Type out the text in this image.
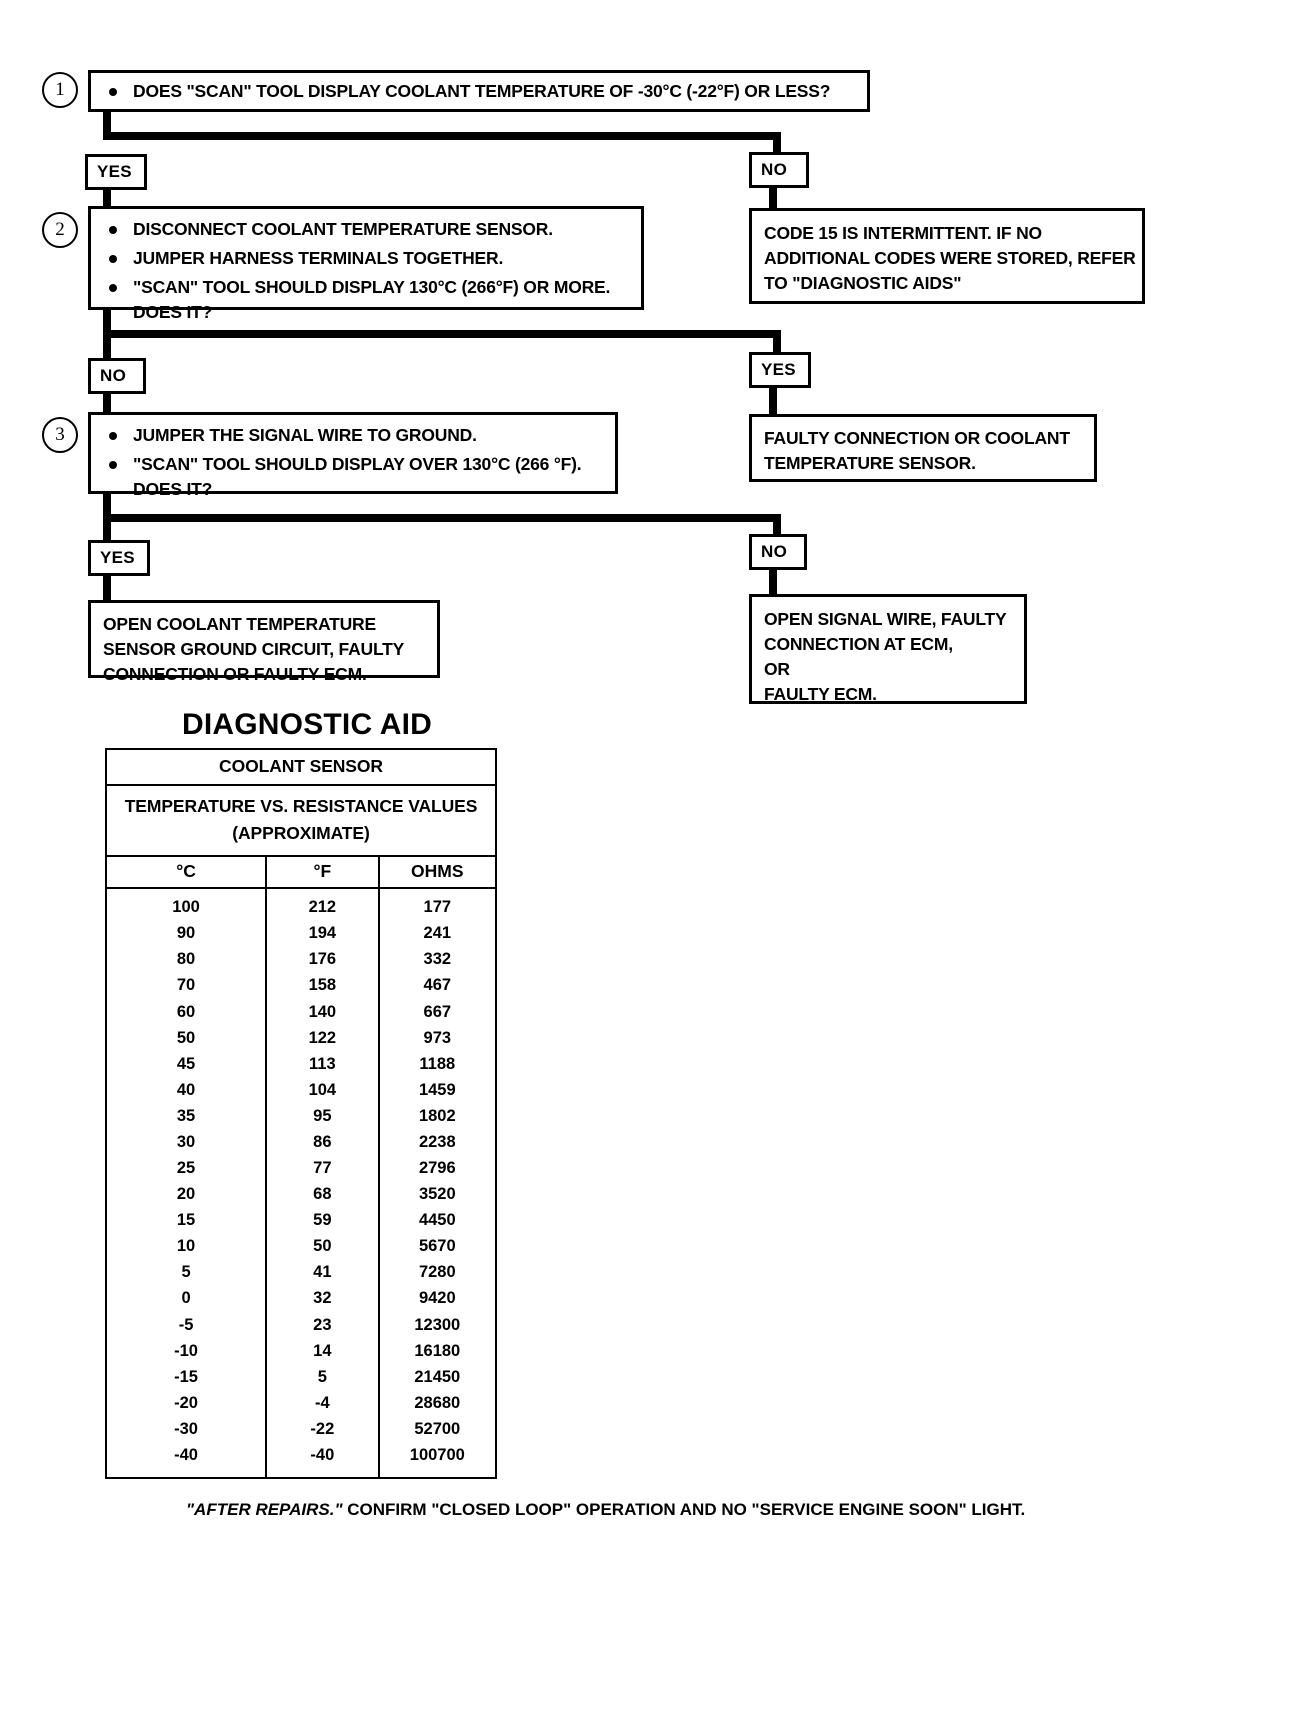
1	DOES "SCAN" TOOL DISPLAY COOLANT TEMPERATURE OF -30°C (-22°F) OR LESS?
YES	NO
2	DISCONNECT COOLANT TEMPERATURE SENSOR.
JUMPER HARNESS TERMINALS TOGETHER.
"SCAN" TOOL SHOULD DISPLAY 130°C (266°F) OR MORE.
DOES IT?
CODE 15 IS INTERMITTENT. IF NO
ADDITIONAL CODES WERE STORED, REFER
TO "DIAGNOSTIC AIDS"
NO	YES
3	JUMPER THE SIGNAL WIRE TO GROUND.
"SCAN" TOOL SHOULD DISPLAY OVER 130°C (266 °F).
DOES IT?
FAULTY CONNECTION OR COOLANT
TEMPERATURE SENSOR.
YES	NO
OPEN COOLANT TEMPERATURE
SENSOR GROUND CIRCUIT, FAULTY
CONNECTION OR FAULTY ECM.
OPEN SIGNAL WIRE, FAULTY
CONNECTION AT ECM,
OR
FAULTY ECM.
DIAGNOSTIC AID
COOLANT SENSOR
TEMPERATURE VS. RESISTANCE VALUES
(APPROXIMATE)
°C	°F	OHMS
100	212	177
90	194	241
80	176	332
70	158	467
60	140	667
50	122	973
45	113	1188
40	104	1459
35	95	1802
30	86	2238
25	77	2796
20	68	3520
15	59	4450
10	50	5670
5	41	7280
0	32	9420
-5	23	12300
-10	14	16180
-15	5	21450
-20	-4	28680
-30	-22	52700
-40	-40	100700
"AFTER REPAIRS." CONFIRM "CLOSED LOOP" OPERATION AND NO "SERVICE ENGINE SOON" LIGHT.
